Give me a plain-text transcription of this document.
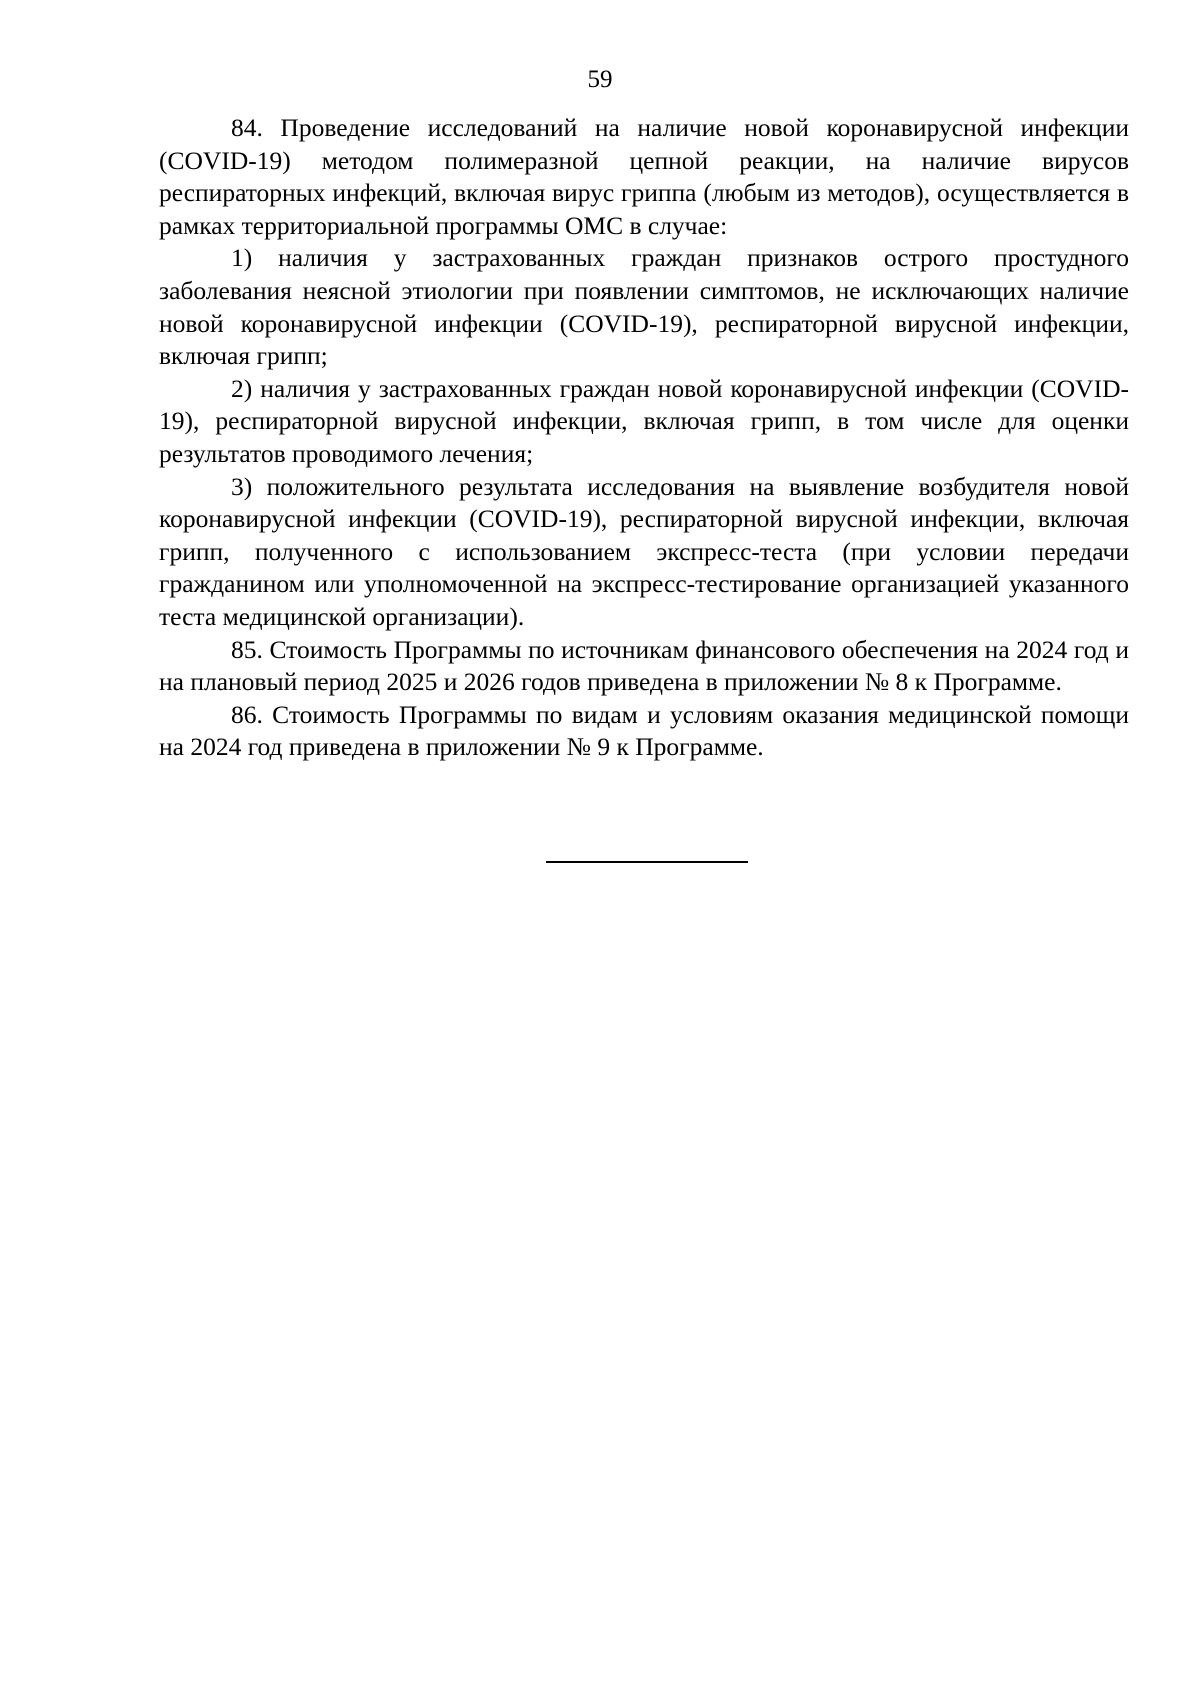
59

84. Проведение исследований на наличие новой коронавирусной инфекции (COVID-19) методом полимеразной цепной реакции, на наличие вирусов респираторных инфекций, включая вирус гриппа (любым из методов), осуществляется в рамках территориальной программы ОМС в случае:

1) наличия у застрахованных граждан признаков острого простудного заболевания неясной этиологии при появлении симптомов, не исключающих наличие новой коронавирусной инфекции (COVID-19), респираторной вирусной инфекции, включая грипп;

2) наличия у застрахованных граждан новой коронавирусной инфекции (COVID-19), респираторной вирусной инфекции, включая грипп, в том числе для оценки результатов проводимого лечения;

3) положительного результата исследования на выявление возбудителя новой коронавирусной инфекции (COVID-19), респираторной вирусной инфекции, включая грипп, полученного с использованием экспресс-теста (при условии передачи гражданином или уполномоченной на экспресс-тестирование организацией указанного теста медицинской организации).

85. Стоимость Программы по источникам финансового обеспечения на 2024 год и на плановый период 2025 и 2026 годов приведена в приложении № 8 к Программе.

86. Стоимость Программы по видам и условиям оказания медицинской помощи на 2024 год приведена в приложении № 9 к Программе.
